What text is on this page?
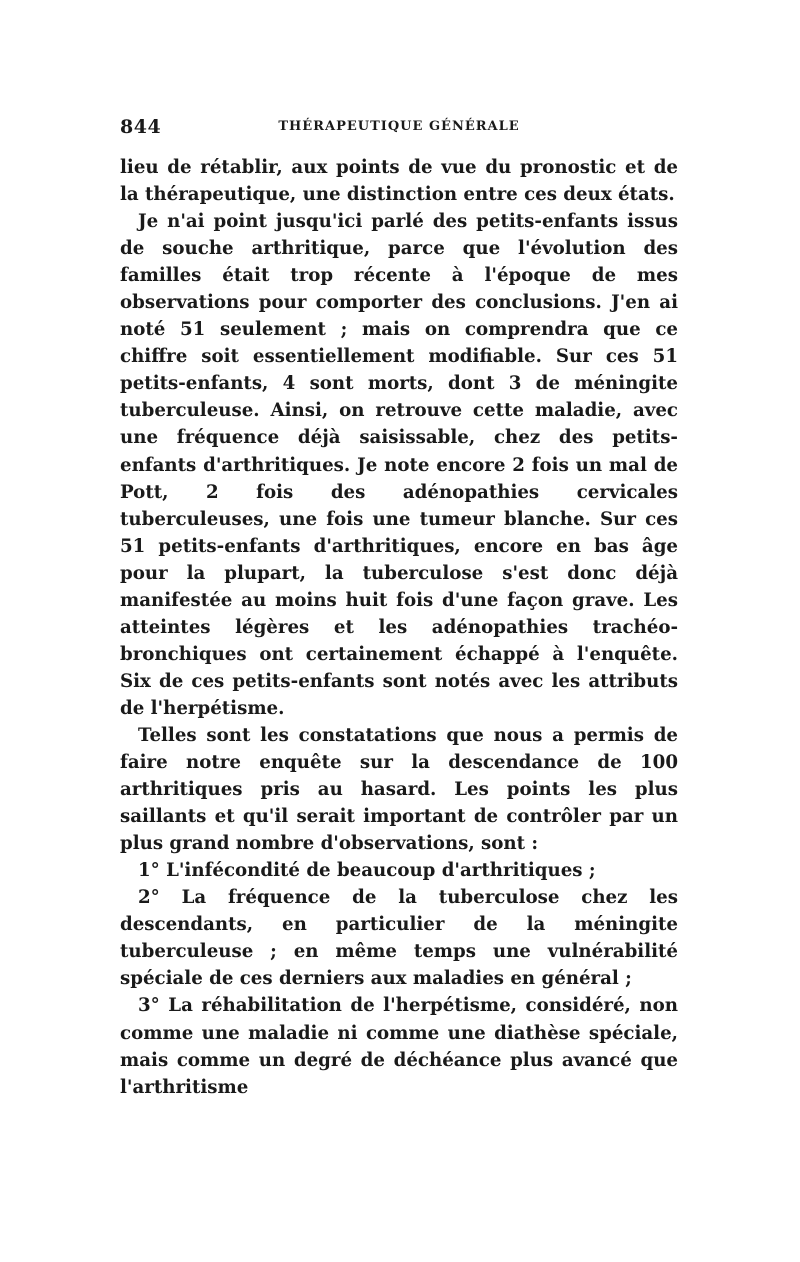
844	THÉRAPEUTIQUE GÉNÉRALE

lieu de rétablir, aux points de vue du pronostic et de la thérapeutique, une distinction entre ces deux états.

Je n'ai point jusqu'ici parlé des petits-enfants issus de souche arthritique, parce que l'évolution des familles était trop récente à l'époque de mes observations pour comporter des conclusions. J'en ai noté 51 seulement ; mais on comprendra que ce chiffre soit essentiellement modifiable. Sur ces 51 petits-enfants, 4 sont morts, dont 3 de méningite tuberculeuse. Ainsi, on retrouve cette maladie, avec une fréquence déjà saisissable, chez des petits-enfants d'arthritiques. Je note encore 2 fois un mal de Pott, 2 fois des adénopathies cervicales tuberculeuses, une fois une tumeur blanche. Sur ces 51 petits-enfants d'arthritiques, encore en bas âge pour la plupart, la tuberculose s'est donc déjà manifestée au moins huit fois d'une façon grave. Les atteintes légères et les adénopathies trachéo-bronchiques ont certainement échappé à l'enquête. Six de ces petits-enfants sont notés avec les attributs de l'herpétisme.

Telles sont les constatations que nous a permis de faire notre enquête sur la descendance de 100 arthritiques pris au hasard. Les points les plus saillants et qu'il serait important de contrôler par un plus grand nombre d'observations, sont :

1° L'infécondité de beaucoup d'arthritiques ;

2° La fréquence de la tuberculose chez les descendants, en particulier de la méningite tuberculeuse ; en même temps une vulnérabilité spéciale de ces derniers aux maladies en général ;

3° La réhabilitation de l'herpétisme, considéré, non comme une maladie ni comme une diathèse spéciale, mais comme un degré de déchéance plus avancé que l'arthritisme
